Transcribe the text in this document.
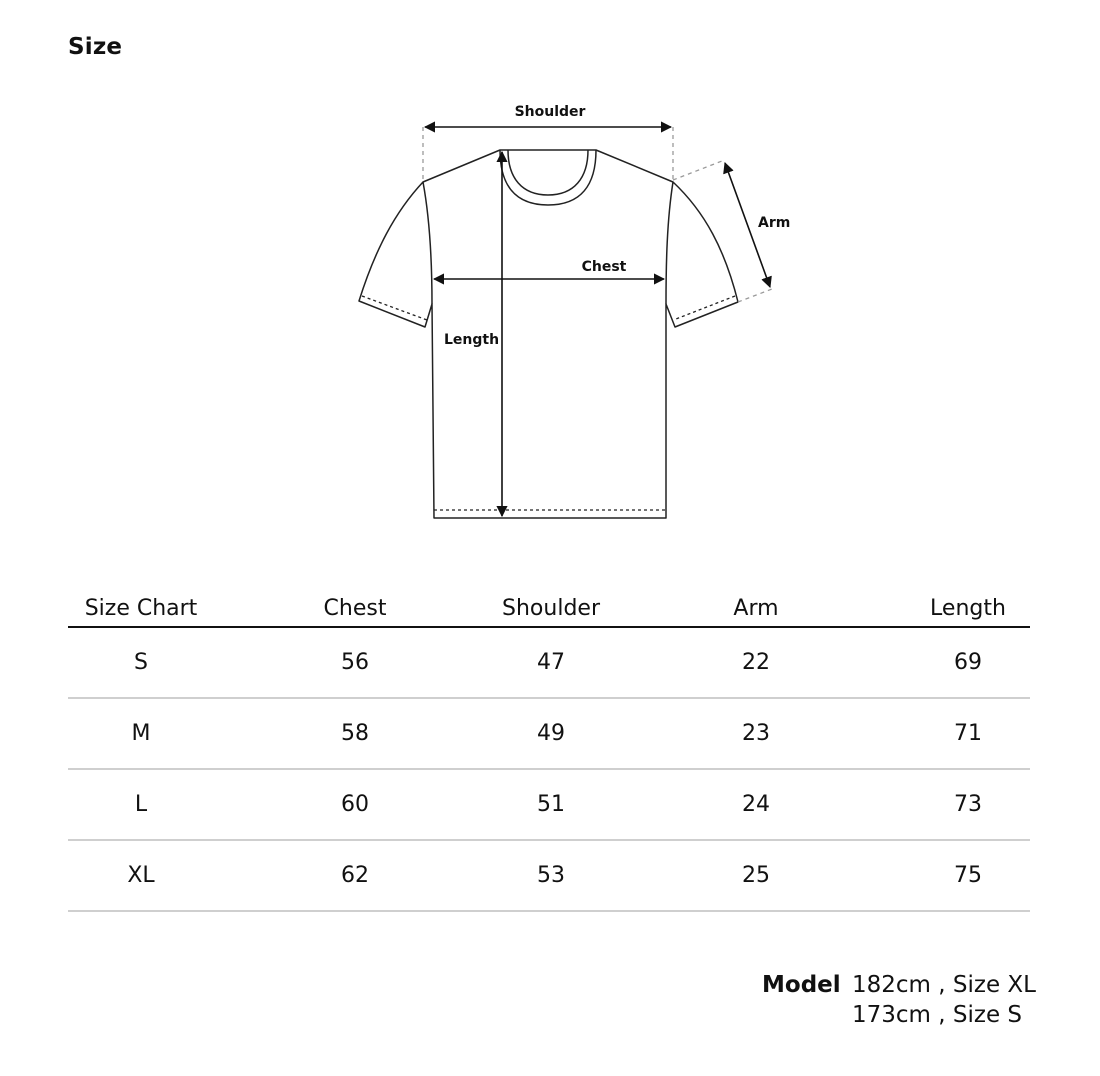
Size
Shoulder
Arm
Chest
Length
Size Chart	Chest	Shoulder	Arm	Length
S	56	47	22	69
M	58	49	23	71
L	60	51	24	73
XL	62	53	25	75
Model 182cm , Size XL
173cm , Size S
